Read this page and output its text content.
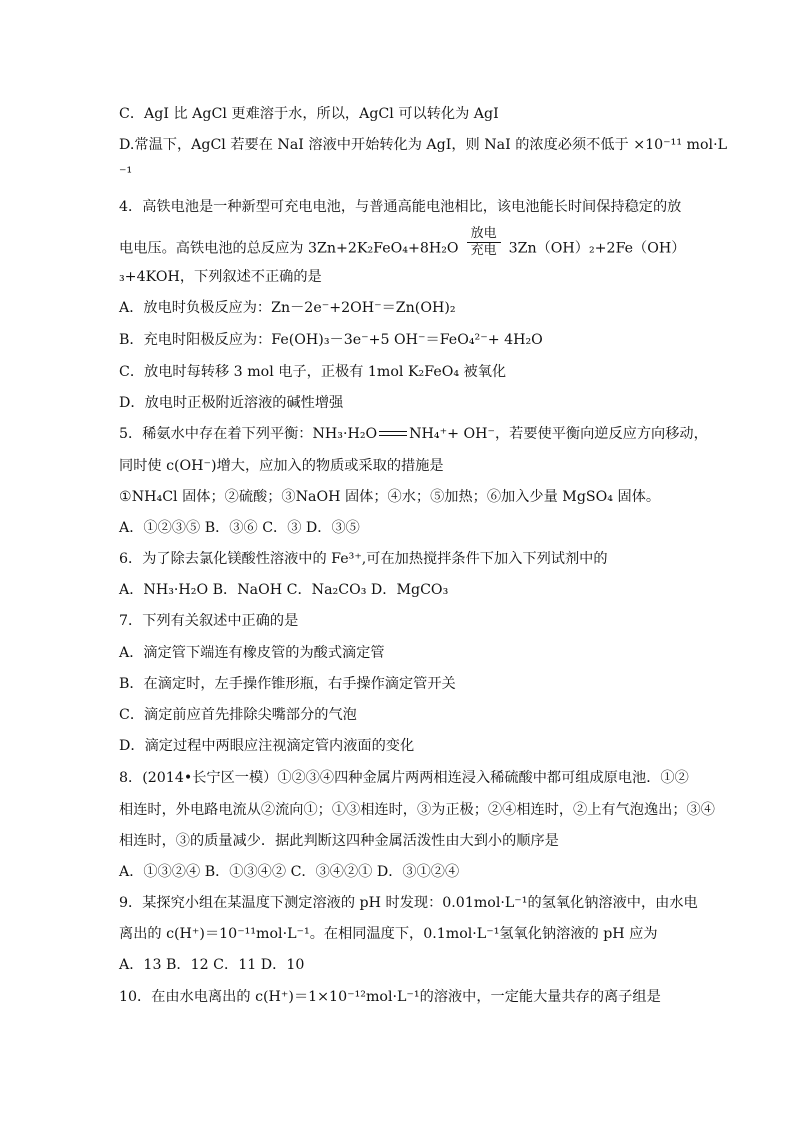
C．AgI 比 AgCl 更难溶于水，所以，AgCl 可以转化为 AgI
D.常温下，AgCl 若要在 NaI 溶液中开始转化为 AgI，则 NaI 的浓度必须不低于 ×10⁻¹¹ mol·L
⁻¹
4．高铁电池是一种新型可充电电池，与普通高能电池相比，该电池能长时间保持稳定的放
电电压。高铁电池的总反应为 $3Zn+2K_2FeO_4+8H_2O \frac{\text{放电}}{\text{充电}} 3Zn(OH)_2+2Fe(OH)$
₃+4KOH，下列叙述不正确的是
A．放电时负极反应为：Zn－2e⁻+2OH⁻＝Zn(OH)₂
B．充电时阳极反应为：Fe(OH)₃－3e⁻+5 OH⁻＝FeO₄²⁻+ 4H₂O
C．放电时每转移 3 mol 电子，正极有 1mol K₂FeO₄ 被氧化
D．放电时正极附近溶液的碱性增强
5．稀氨水中存在着下列平衡：NH₃·H₂O NH₄⁺+ OH⁻，若要使平衡向逆反应方向移动，
同时使 c(OH⁻)增大，应加入的物质或采取的措施是
①NH₄Cl 固体；②硫酸；③NaOH 固体；④水；⑤加热；⑥加入少量 MgSO₄ 固体。
A．①②③⑤ B．③⑥ C．③ D．③⑤
6．为了除去氯化镁酸性溶液中的 Fe³⁺,可在加热搅拌条件下加入下列试剂中的
A．NH₃·H₂O B．NaOH C．Na₂CO₃ D．MgCO₃
7．下列有关叙述中正确的是
A．滴定管下端连有橡皮管的为酸式滴定管
B．在滴定时，左手操作锥形瓶，右手操作滴定管开关
C．滴定前应首先排除尖嘴部分的气泡
D．滴定过程中两眼应注视滴定管内液面的变化
8．(2014•长宁区一模）①②③④四种金属片两两相连浸入稀硫酸中都可组成原电池．①②
相连时，外电路电流从②流向①；①③相连时，③为正极；②④相连时，②上有气泡逸出；③④
相连时，③的质量减少．据此判断这四种金属活泼性由大到小的顺序是
A．①③②④ B．①③④② C．③④②① D．③①②④
9．某探究小组在某温度下测定溶液的 pH 时发现：0.01mol·L⁻¹的氢氧化钠溶液中，由水电
离出的 c(H⁺)＝10⁻¹¹mol·L⁻¹。在相同温度下，0.1mol·L⁻¹氢氧化钠溶液的 pH 应为
A．13 B．12 C．11 D．10
10．在由水电离出的 c(H⁺)＝1×10⁻¹²mol·L⁻¹的溶液中，一定能大量共存的离子组是
